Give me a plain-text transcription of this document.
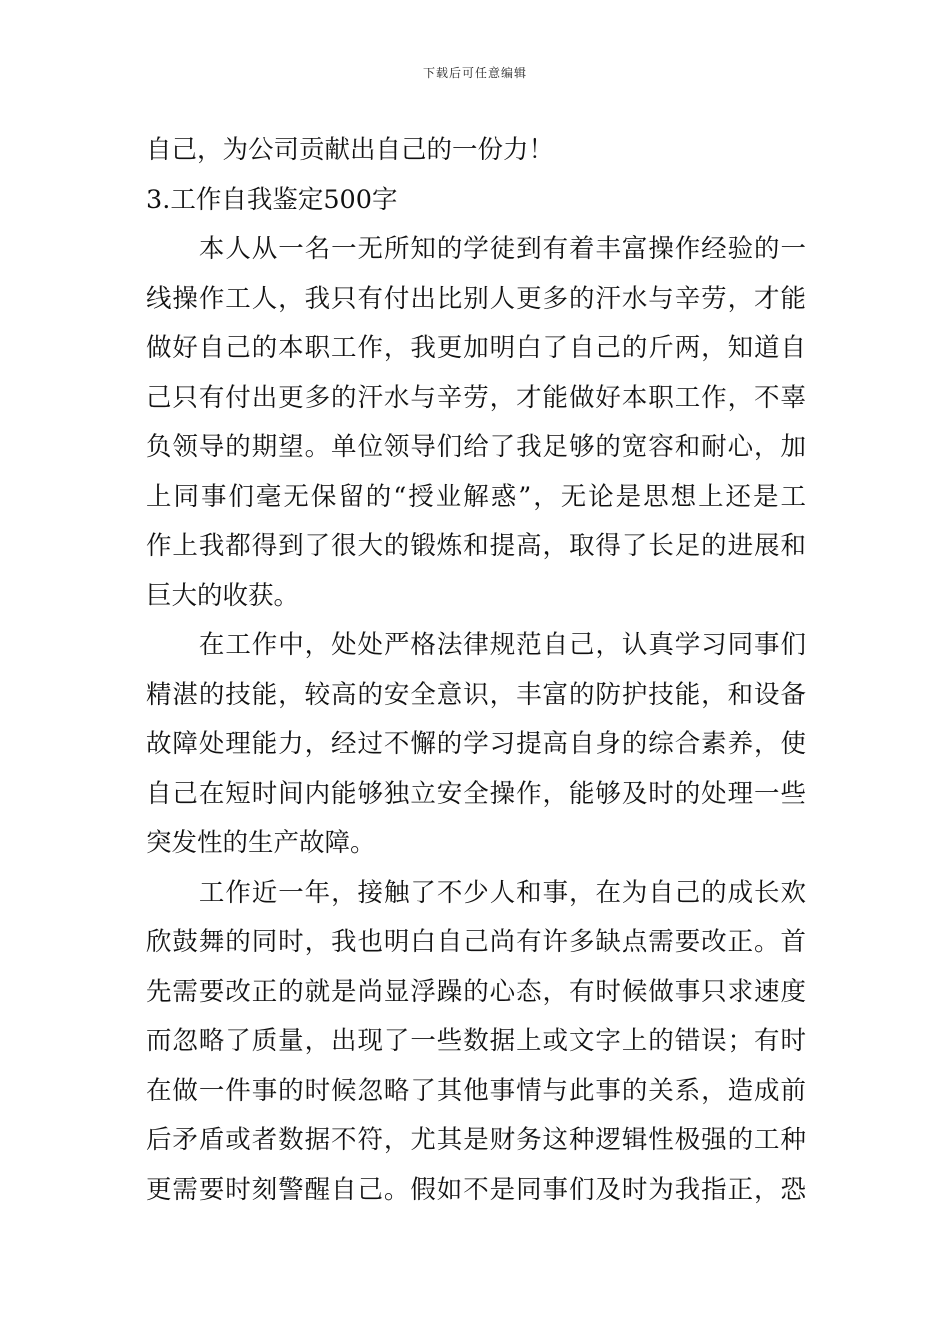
下载后可任意编辑
自己，为公司贡献出自己的一份力！
3.工作自我鉴定500字
本人从一名一无所知的学徒到有着丰富操作经验的一
线操作工人，我只有付出比别人更多的汗水与辛劳，才能
做好自己的本职工作，我更加明白了自己的斤两，知道自
己只有付出更多的汗水与辛劳，才能做好本职工作，不辜
负领导的期望。单位领导们给了我足够的宽容和耐心，加
上同事们毫无保留的“授业解惑”，无论是思想上还是工
作上我都得到了很大的锻炼和提高，取得了长足的进展和
巨大的收获。
在工作中，处处严格法律规范自己，认真学习同事们
精湛的技能，较高的安全意识，丰富的防护技能，和设备
故障处理能力，经过不懈的学习提高自身的综合素养，使
自己在短时间内能够独立安全操作，能够及时的处理一些
突发性的生产故障。
工作近一年，接触了不少人和事，在为自己的成长欢
欣鼓舞的同时，我也明白自己尚有许多缺点需要改正。首
先需要改正的就是尚显浮躁的心态，有时候做事只求速度
而忽略了质量，出现了一些数据上或文字上的错误；有时
在做一件事的时候忽略了其他事情与此事的关系，造成前
后矛盾或者数据不符，尤其是财务这种逻辑性极强的工种
更需要时刻警醒自己。假如不是同事们及时为我指正，恐
